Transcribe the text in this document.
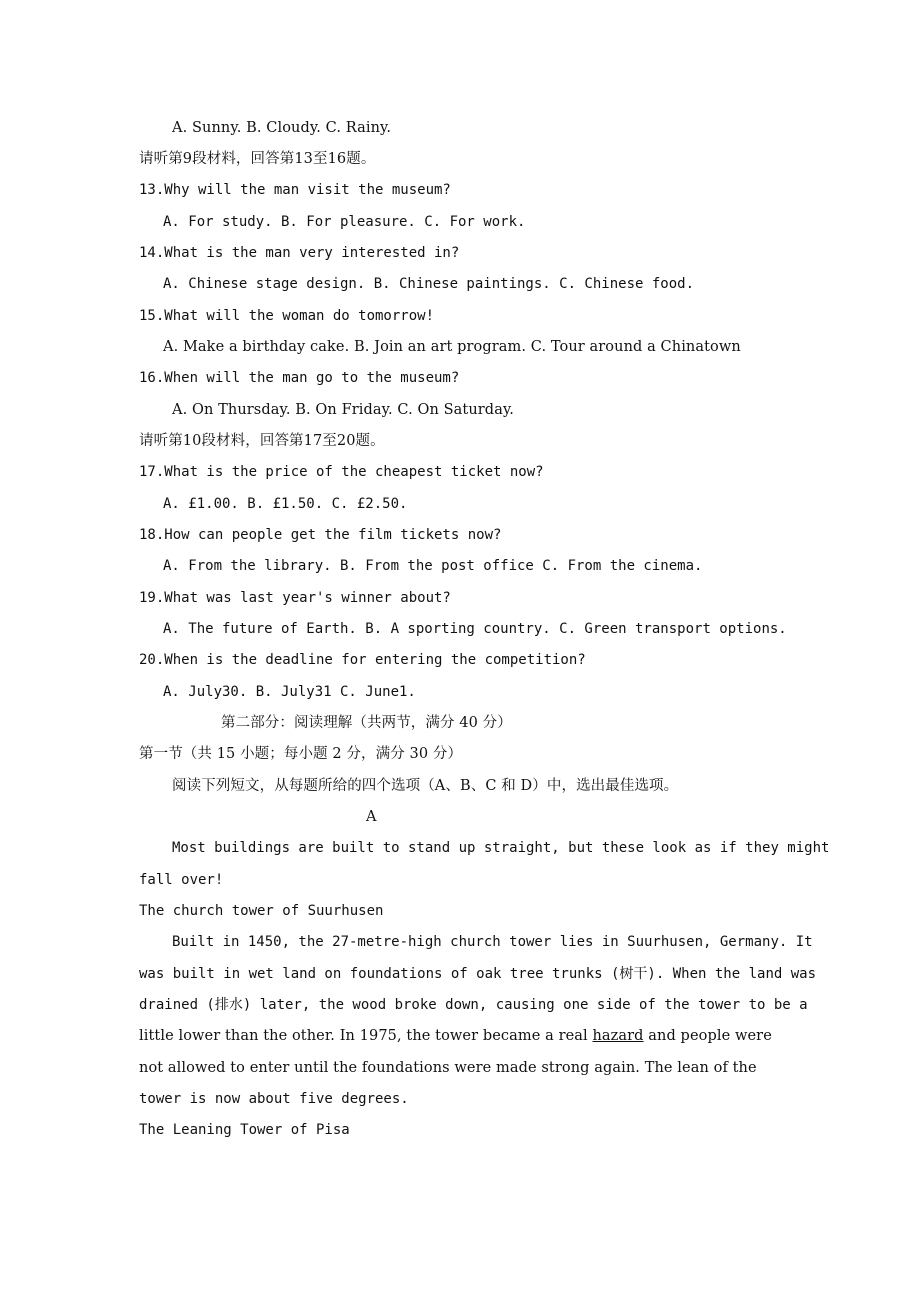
A. Sunny. B. Cloudy. C. Rainy.
请听第9段材料，回答第13至16题。
13.Why will the man visit the museum?
A. For study. B. For pleasure. C. For work.
14.What is the man very interested in?
A. Chinese stage design. B. Chinese paintings. C. Chinese food.
15.What will the woman do tomorrow!
A. Make a birthday cake. B. Join an art program. C. Tour around a Chinatown
16.When will the man go to the museum?
A. On Thursday. B. On Friday. C. On Saturday.
请听第10段材料，回答第17至20题。
17.What is the price of the cheapest ticket now?
A. £1.00. B. £1.50. C. £2.50.
18.How can people get the film tickets now?
A. From the library. B. From the post office C. From the cinema.
19.What was last year's winner about?
A. The future of Earth. B. A sporting country. C. Green transport options.
20.When is the deadline for entering the competition?
A. July30. B. July31 C. June1.
第二部分：阅读理解（共两节，满分 40 分）
第一节（共 15 小题；每小题 2 分，满分 30 分）
阅读下列短文，从每题所给的四个选项（A、B、C 和 D）中，选出最佳选项。
A
Most buildings are built to stand up straight, but these look as if they might
fall over!
The church tower of Suurhusen
Built in 1450, the 27-metre-high church tower lies in Suurhusen, Germany. It
was built in wet land on foundations of oak tree trunks (树干). When the land was
drained (排水) later, the wood broke down, causing one side of the tower to be a
little lower than the other. In 1975, the tower became a real hazard and people were
not allowed to enter until the foundations were made strong again. The lean of the
tower is now about five degrees.
The Leaning Tower of Pisa
